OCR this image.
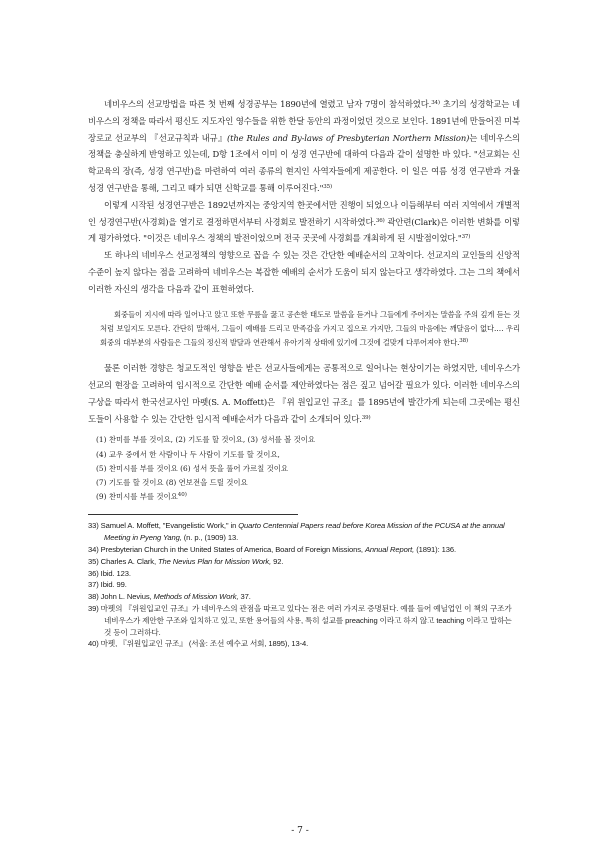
네비우스의 선교방법을 따른 첫 번째 성경공부는 1890년에 열렸고 남자 7명이 참석하였다.$^{34)}$ 초기의 성경학교는 네비우스의 정책을 따라서 평신도 지도자인 영수들을 위한 한달 동안의 과정이었던 것으로 보인다. 1891년에 만들어진 미북장로교 선교부의 『선교규칙과 내규』(the Rules and By-laws of Presbyterian Northern Mission)는 네비우스의 정책을 충실하게 반영하고 있는데, D항 1조에서 이미 이 성경 연구반에 대하여 다음과 같이 설명한 바 있다. "선교회는 신학교육의 장(즉, 성경 연구반)을 마련하여 여러 종류의 현지인 사역자들에게 제공한다. 이 일은 여름 성경 연구반과 겨울 성경 연구반을 통해, 그리고 때가 되면 신학교를 통해 이루어진다."$^{35)}$

이렇게 시작된 성경연구반은 1892년까지는 중앙지역 한곳에서만 진행이 되었으나 이듬해부터 여러 지역에서 개별적인 성경연구반(사경회)을 열기로 결정하면서부터 사경회로 발전하기 시작하였다.$^{36)}$ 곽안련(Clark)은 이러한 변화를 이렇게 평가하였다. "이것은 네비우스 정책의 발전이었으며 전국 곳곳에 사경회를 개최하게 된 시발점이었다."$^{37)}$

또 하나의 네비우스 선교정책의 영향으로 꼽을 수 있는 것은 간단한 예배순서의 고착이다. 선교지의 교인들의 신앙적 수준이 높지 않다는 점을 고려하여 네비우스는 복잡한 예배의 순서가 도움이 되지 않는다고 생각하였다. 그는 그의 책에서 이러한 자신의 생각을 다음과 같이 표현하였다.

회중들이 지시에 따라 일어나고 앉고 또한 무릎을 꿇고 공손한 태도로 말씀을 듣거나 그들에게 주어지는 말씀을 주의 깊게 듣는 것처럼 보일지도 모른다. 간단히 말해서, 그들이 예배를 드리고 만족감을 가지고 집으로 가지만, 그들의 마음에는 깨달음이 없다.… 우리 회중의 대부분의 사람들은 그들의 정신적 발달과 연관해서 유아기적 상태에 있기에 그것에 걸맞게 다루어져야 한다.$^{38)}$

물론 이러한 경향은 청교도적인 영향을 받은 선교사들에게는 공통적으로 일어나는 현상이기는 하였지만, 네비우스가 선교의 현장을 고려하여 임시적으로 간단한 예배 순서를 제안하였다는 점은 짚고 넘어갈 필요가 있다. 이러한 네비우스의 구상을 따라서 한국선교사인 마펫(S. A. Moffett)은 『위 원입교인 규조』를 1895년에 발간가게 되는데 그곳에는 평신도들이 사용할 수 있는 간단한 임시적 예배순서가 다음과 같이 소개되어 있다.$^{39)}$

(1) 찬미를 부를 것이요, (2) 기도를 할 것이요, (3) 성서를 볼 것이요
(4) 교우 중에서 한 사람이나 두 사람이 기도를 할 것이요,
(5) 찬미시를 부를 것이요 (6) 성서 뜻을 풀어 가르칠 것이요
(7) 기도를 할 것이요 (8) 연보전을 드릴 것이요
(9) 찬미시를 부를 것이요$^{40)}$
33) Samuel A. Moffett, "Evangelistic Work," in Quarto Centennial Papers read before Korea Mission of the PCUSA at the annual Meeting in Pyeng Yang, (n. p., (1909) 13.
34) Presbyterian Church in the United States of America, Board of Foreign Missions, Annual Report, (1891): 136.
35) Charles A. Clark, The Nevius Plan for Mission Work, 92.
36) Ibid. 123.
37) Ibid. 99.
38) John L. Nevius, Methods of Mission Work, 37.
39) 마펫의 『위원입교인 규조』가 네비우스의 관점을 따르고 있다는 점은 여러 가지로 증명된다. 예를 들어 예닐업인 이 책의 구조가 네비우스가 제안한 구조와 일치하고 있고, 또한 용어들의 사용, 특히 설교를 preaching 이라고 하지 않고 teaching 이라고 말하는 것 등이 그러하다.
40) 마펫, 『위원입교인 규조』 (서울: 조선 예수교 서회, 1895), 13-4.
- 7 -
